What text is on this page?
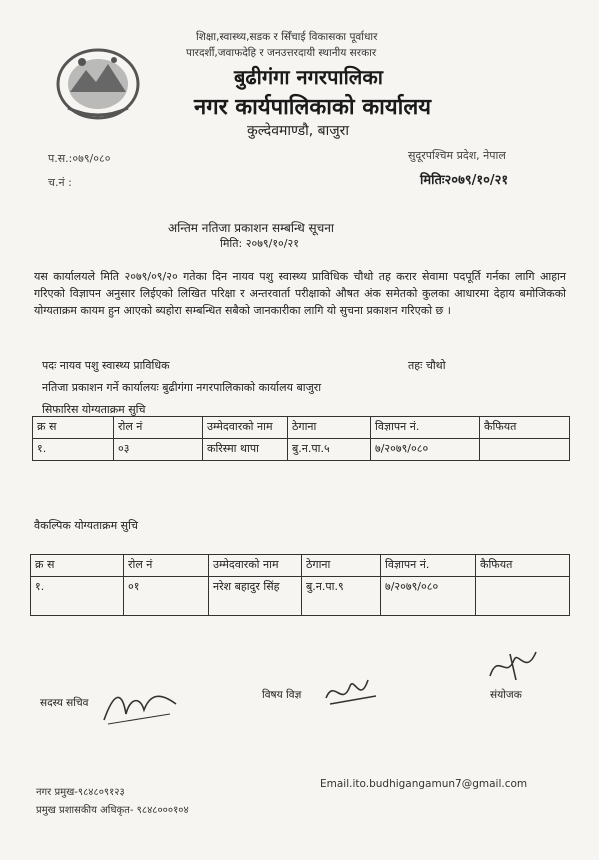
शिक्षा,स्वास्थ्य,सडक र सिँचाई विकासका पूर्वाधार
पारदर्शी,जवाफदेहि र जनउत्तरदायी स्थानीय सरकार
बुढीगंगा नगरपालिका
नगर कार्यपालिकाको कार्यालय
कुल्देवमाण्डौ, बाजुरा
प.स.:०७९/०८०	सुदूरपश्चिम प्रदेश, नेपाल
च.नं :	मितिः२०७९/१०/२१
अन्तिम नतिजा प्रकाशन सम्बन्धि सूचना
मिति: २०७९/१०/२१
यस कार्यालयले मिति २०७९/०९/२० गतेका दिन नायव पशु स्वास्थ्य प्राविधिक चौथो तह करार सेवामा पदपूर्ति गर्नका लागि आहान गरिएको विज्ञापन अनुसार लिईएको लिखित परिक्षा र अन्तरवार्ता परीक्षाको औषत अंक समेतको कुलका आधारमा देहाय बमोजिकको योग्यताक्रम कायम हुन आएको ब्यहोरा सम्बन्धित सबैको जानकारीका लागि यो सुचना प्रकाशन गरिएको छ ।
पदः नायव पशु स्वास्थ्य प्राविधिक	तहः चौथो
नतिजा प्रकाशन गर्ने कार्यालयः बुढीगंगा नगरपालिकाको कार्यालय बाजुरा
सिफारिस योग्यताक्रम सुचि
क्र स	रोल नं	उम्मेदवारको नाम	ठेगाना	विज्ञापन नं.	कैफियत
१.	०३	करिस्मा थापा	बु.न.पा.५	७/२०७९/०८०	
वैकल्पिक योग्यताक्रम सुचि
क्र स	रोल नं	उम्मेदवारको नाम	ठेगाना	विज्ञापन नं.	कैफियत
१.	०१	नरेश बहादुर सिंह	बु.न.पा.९	७/२०७९/०८०	
सदस्य सचिव
विषय विज्ञ	संयोजक
नगर प्रमुख-९८४८०९१२३
Email.ito.budhigangamun7@gmail.com
प्रमुख प्रशासकीय अधिकृत- ९८४८०००१०४
